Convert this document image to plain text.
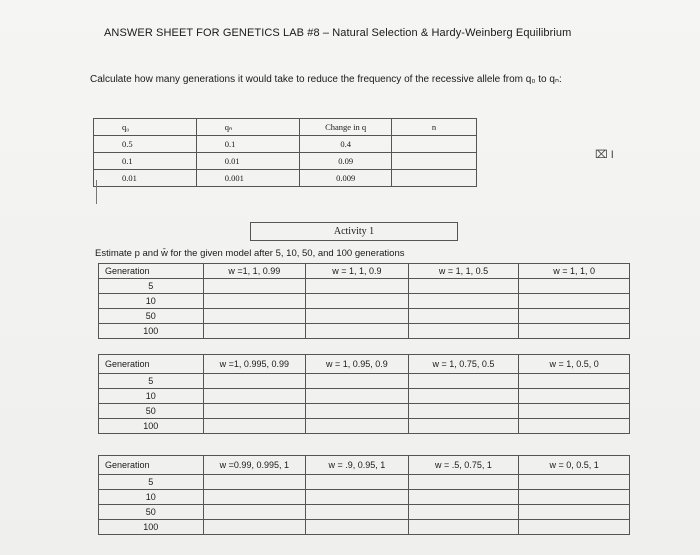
ANSWER SHEET FOR GENETICS LAB #8 – Natural Selection & Hardy-Weinberg Equilibrium
Calculate how many generations it would take to reduce the frequency of the recessive allele from q₀ to qₙ:
q₀	qₙ	Change in q	n
0.5	0.1	0.4	
0.1	0.01	0.09	
0.01	0.001	0.009	
⌧ I
Activity 1
Estimate p and w̄ for the given model after 5, 10, 50, and 100 generations
Generation	w =1, 1, 0.99	w = 1, 1, 0.9	w = 1, 1, 0.5	w = 1, 1, 0
5				
10				
50				
100				
Generation	w =1, 0.995, 0.99	w = 1, 0.95, 0.9	w = 1, 0.75, 0.5	w = 1, 0.5, 0
5				
10				
50				
100				
Generation	w =0.99, 0.995, 1	w = .9, 0.95, 1	w = .5, 0.75, 1	w = 0, 0.5, 1
5				
10				
50				
100				
